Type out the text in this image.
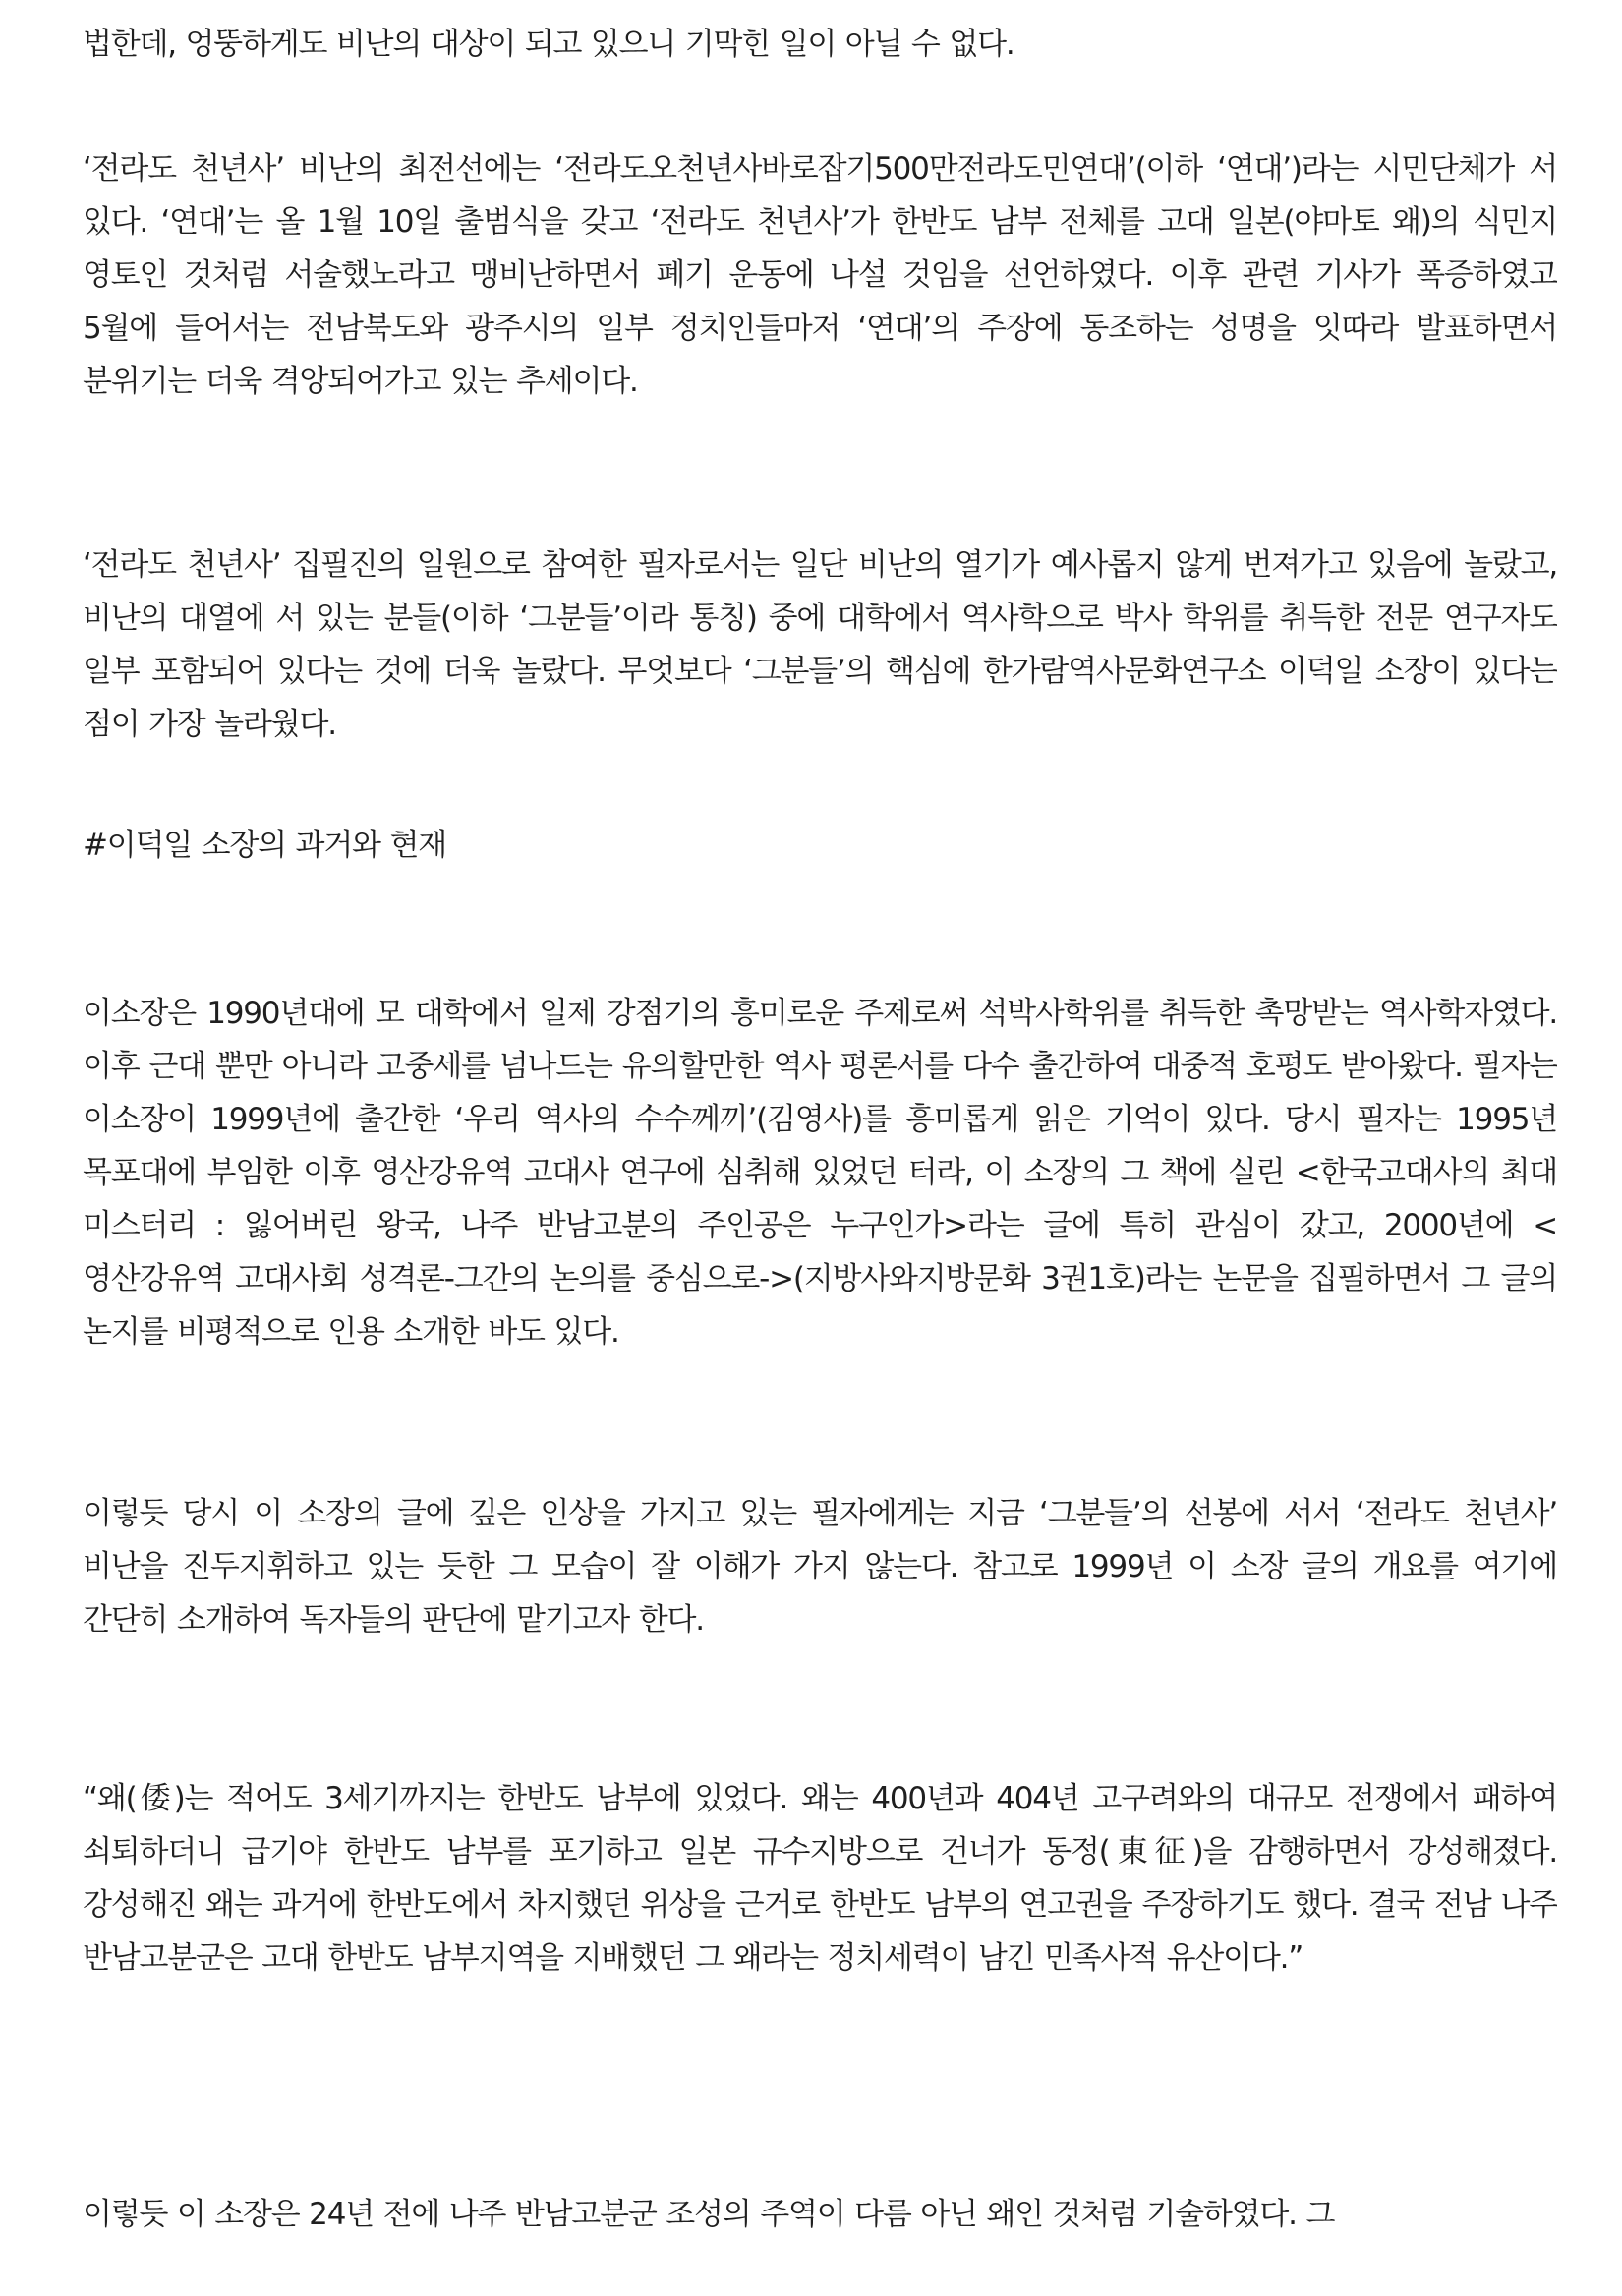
법한데, 엉뚱하게도 비난의 대상이 되고 있으니 기막힌 일이 아닐 수 없다.

‘전라도 천년사’ 비난의 최전선에는 ‘전라도오천년사바로잡기500만전라도민연대’(이하 ‘연대’)라는 시민단체가 서 있다. ‘연대’는 올 1월 10일 출범식을 갖고 ‘전라도 천년사’가 한반도 남부 전체를 고대 일본(야마토 왜)의 식민지 영토인 것처럼 서술했노라고 맹비난하면서 폐기 운동에 나설 것임을 선언하였다. 이후 관련 기사가 폭증하였고 5월에 들어서는 전남북도와 광주시의 일부 정치인들마저 ‘연대’의 주장에 동조하는 성명을 잇따라 발표하면서 분위기는 더욱 격앙되어가고 있는 추세이다.

‘전라도 천년사’ 집필진의 일원으로 참여한 필자로서는 일단 비난의 열기가 예사롭지 않게 번져가고 있음에 놀랐고, 비난의 대열에 서 있는 분들(이하 ‘그분들’이라 통칭) 중에 대학에서 역사학으로 박사 학위를 취득한 전문 연구자도 일부 포함되어 있다는 것에 더욱 놀랐다. 무엇보다 ‘그분들’의 핵심에 한가람역사문화연구소 이덕일 소장이 있다는 점이 가장 놀라웠다.

#이덕일 소장의 과거와 현재

이소장은 1990년대에 모 대학에서 일제 강점기의 흥미로운 주제로써 석박사학위를 취득한 촉망받는 역사학자였다. 이후 근대 뿐만 아니라 고중세를 넘나드는 유의할만한 역사 평론서를 다수 출간하여 대중적 호평도 받아왔다. 필자는 이소장이 1999년에 출간한 ‘우리 역사의 수수께끼’(김영사)를 흥미롭게 읽은 기억이 있다. 당시 필자는 1995년 목포대에 부임한 이후 영산강유역 고대사 연구에 심취해 있었던 터라, 이 소장의 그 책에 실린 <한국고대사의 최대 미스터리 : 잃어버린 왕국, 나주 반남고분의 주인공은 누구인가>라는 글에 특히 관심이 갔고, 2000년에 <영산강유역 고대사회 성격론-그간의 논의를 중심으로->(지방사와지방문화 3권1호)라는 논문을 집필하면서 그 글의 논지를 비평적으로 인용 소개한 바도 있다.

이렇듯 당시 이 소장의 글에 깊은 인상을 가지고 있는 필자에게는 지금 ‘그분들’의 선봉에 서서 ‘전라도 천년사’ 비난을 진두지휘하고 있는 듯한 그 모습이 잘 이해가 가지 않는다. 참고로 1999년 이 소장 글의 개요를 여기에 간단히 소개하여 독자들의 판단에 맡기고자 한다.

“왜(倭)는 적어도 3세기까지는 한반도 남부에 있었다. 왜는 400년과 404년 고구려와의 대규모 전쟁에서 패하여 쇠퇴하더니 급기야 한반도 남부를 포기하고 일본 규수지방으로 건너가 동정(東征)을 감행하면서 강성해졌다. 강성해진 왜는 과거에 한반도에서 차지했던 위상을 근거로 한반도 남부의 연고권을 주장하기도 했다. 결국 전남 나주 반남고분군은 고대 한반도 남부지역을 지배했던 그 왜라는 정치세력이 남긴 민족사적 유산이다.”

이렇듯 이 소장은 24년 전에 나주 반남고분군 조성의 주역이 다름 아닌 왜인 것처럼 기술하였다. 그
